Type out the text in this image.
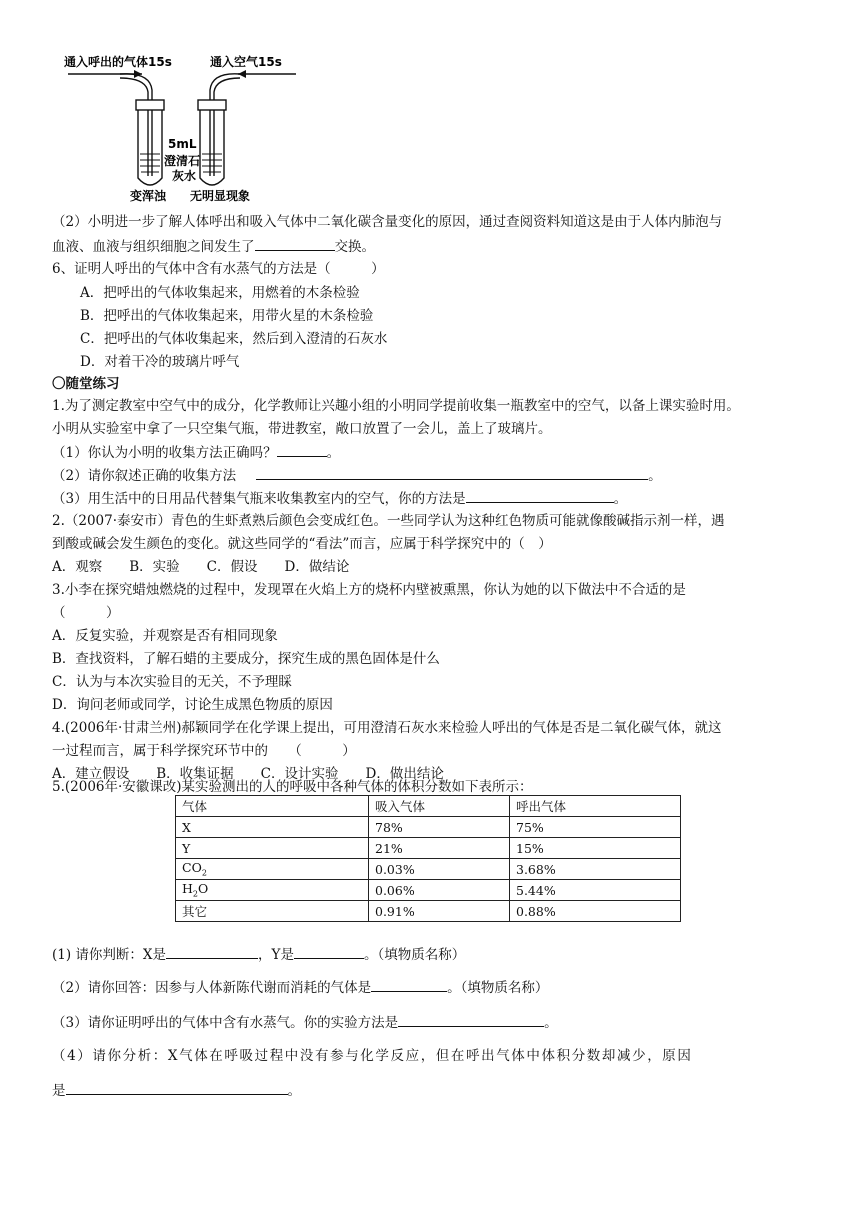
通入呼出的气体15s	通入空气15s
5mL
澄清石
灰水
变浑浊 无明显现象
（2）小明进一步了解人体呼出和吸入气体中二氧化碳含量变化的原因，通过查阅资料知道这是由于人体内肺泡与
血液、血液与组织细胞之间发生了	交换。
6、证明人呼出的气体中含有水蒸气的方法是（　　　）
A．把呼出的气体收集起来，用燃着的木条检验
B．把呼出的气体收集起来，用带火星的木条检验
C．把呼出的气体收集起来，然后到入澄清的石灰水
D．对着干冷的玻璃片呼气
〇随堂练习
1.为了测定教室中空气中的成分，化学教师让兴趣小组的小明同学提前收集一瓶教室中的空气，以备上课实验时用。
小明从实验室中拿了一只空集气瓶，带进教室，敞口放置了一会儿，盖上了玻璃片。
（1）你认为小明的收集方法正确吗？	。
（2）请你叙述正确的收集方法	。
（3）用生活中的日用品代替集气瓶来收集教室内的空气，你的方法是	。
2.（2007·泰安市）青色的生虾煮熟后颜色会变成红色。一些同学认为这种红色物质可能就像酸碱指示剂一样，遇
到酸或碱会发生颜色的变化。就这些同学的“看法”而言，应属于科学探究中的（　）
A．观察　　B．实验　　C．假设　　D．做结论
3.小李在探究蜡烛燃烧的过程中，发现罩在火焰上方的烧杯内壁被熏黑，你认为她的以下做法中不合适的是
（　　　）
A．反复实验，并观察是否有相同现象
B．查找资料，了解石蜡的主要成分，探究生成的黑色固体是什么
C．认为与本次实验目的无关，不予理睬
D．询问老师或同学，讨论生成黑色物质的原因
4.(2006年·甘肃兰州)郝颖同学在化学课上提出，可用澄清石灰水来检验人呼出的气体是否是二氧化碳气体，就这
一过程而言，属于科学探究环节中的　　（　　　）
A．建立假设　　B．收集证据　　C．设计实验　　D．做出结论
5.(2006年·安徽课改)某实验测出的人的呼吸中各种气体的体积分数如下表所示：
气体	吸入气体	呼出气体
X	78%	75%
Y	21%	15%
$CO_2$	0.03%	3.68%
$H_2O$	0.06%	5.44%
其它	0.91%	0.88%
(1) 请你判断：X是	，Y是	。（填物质名称）
（2）请你回答：因参与人体新陈代谢而消耗的气体是	。（填物质名称）
（3）请你证明呼出的气体中含有水蒸气。你的实验方法是	。
（4）请你分析：X气体在呼吸过程中没有参与化学反应，但在呼出气体中体积分数却减少，原因
是	。
